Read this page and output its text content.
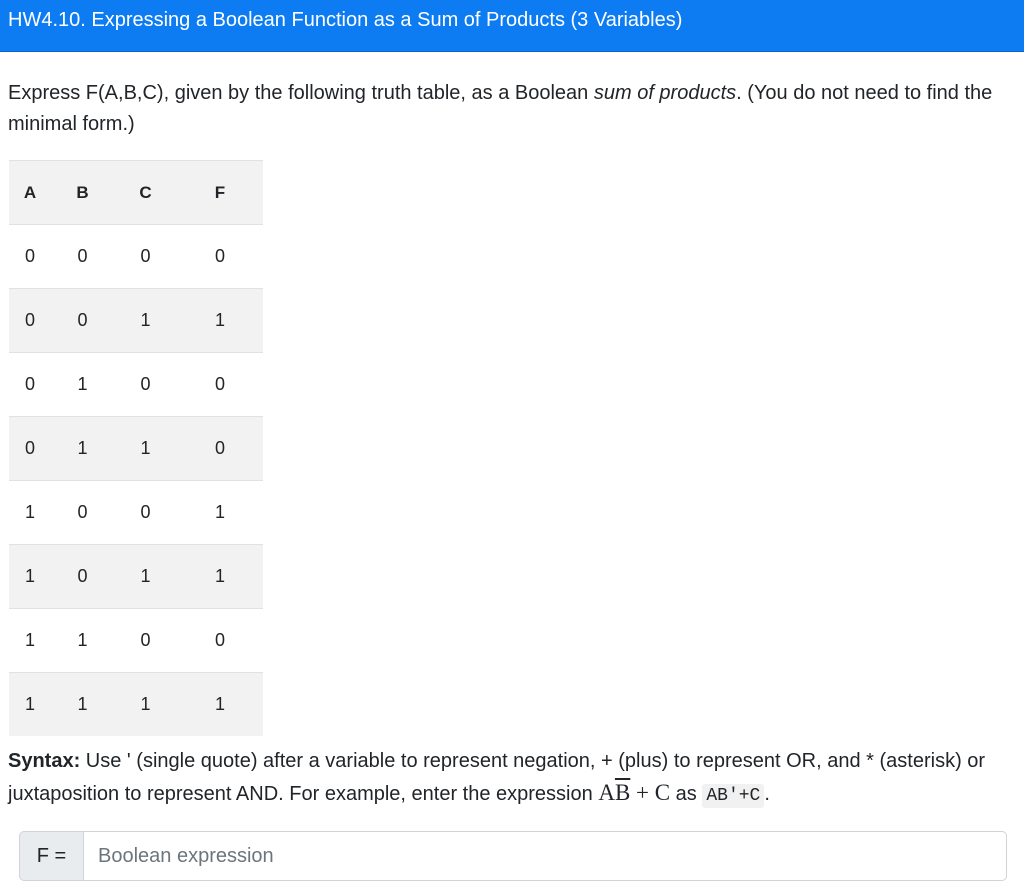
HW4.10. Expressing a Boolean Function as a Sum of Products (3 Variables)
Express F(A,B,C), given by the following truth table, as a Boolean sum of products. (You do not need to find the minimal form.)
A	B	C	F
0	0	0	0
0	0	1	1
0	1	0	0
0	1	1	0
1	0	0	1
1	0	1	1
1	1	0	0
1	1	1	1
Syntax: Use ' (single quote) after a variable to represent negation, + (plus) to represent OR, and * (asterisk) or juxtaposition to represent AND. For example, enter the expression $A\overline{B} + C$ as AB'+C .
F =
Boolean expression
